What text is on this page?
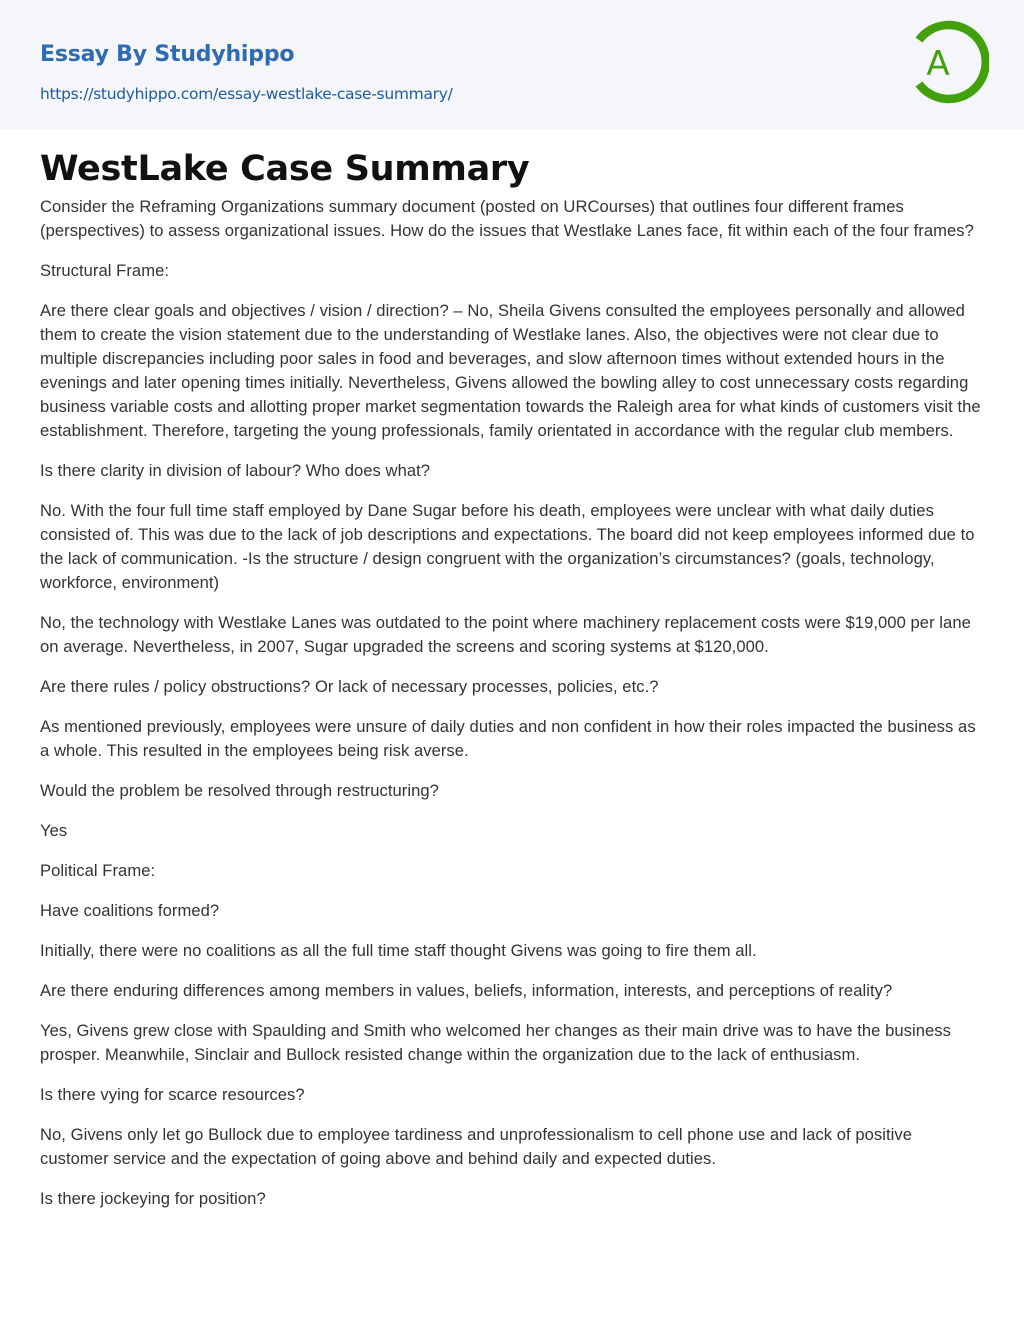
Essay By Studyhippo
https://studyhippo.com/essay-westlake-case-summary/
A
WestLake Case Summary

Consider the Reframing Organizations summary document (posted on URCourses) that outlines four different frames (perspectives) to assess organizational issues. How do the issues that Westlake Lanes face, fit within each of the four frames?

Structural Frame:

Are there clear goals and objectives / vision / direction? – No, Sheila Givens consulted the employees personally and allowed them to create the vision statement due to the understanding of Westlake lanes. Also, the objectives were not clear due to multiple discrepancies including poor sales in food and beverages, and slow afternoon times without extended hours in the evenings and later opening times initially. Nevertheless, Givens allowed the bowling alley to cost unnecessary costs regarding business variable costs and allotting proper market segmentation towards the Raleigh area for what kinds of customers visit the establishment. Therefore, targeting the young professionals, family orientated in accordance with the regular club members.

Is there clarity in division of labour? Who does what?

No. With the four full time staff employed by Dane Sugar before his death, employees were unclear with what daily duties consisted of. This was due to the lack of job descriptions and expectations. The board did not keep employees informed due to the lack of communication. -Is the structure / design congruent with the organization’s circumstances? (goals, technology, workforce, environment)

No, the technology with Westlake Lanes was outdated to the point where machinery replacement costs were $19,000 per lane on average. Nevertheless, in 2007, Sugar upgraded the screens and scoring systems at $120,000.

Are there rules / policy obstructions? Or lack of necessary processes, policies, etc.?

As mentioned previously, employees were unsure of daily duties and non confident in how their roles impacted the business as a whole. This resulted in the employees being risk averse.

Would the problem be resolved through restructuring?

Yes

Political Frame:

Have coalitions formed?

Initially, there were no coalitions as all the full time staff thought Givens was going to fire them all.

Are there enduring differences among members in values, beliefs, information, interests, and perceptions of reality?

Yes, Givens grew close with Spaulding and Smith who welcomed her changes as their main drive was to have the business prosper. Meanwhile, Sinclair and Bullock resisted change within the organization due to the lack of enthusiasm.

Is there vying for scarce resources?

No, Givens only let go Bullock due to employee tardiness and unprofessionalism to cell phone use and lack of positive customer service and the expectation of going above and behind daily and expected duties.

Is there jockeying for position?
